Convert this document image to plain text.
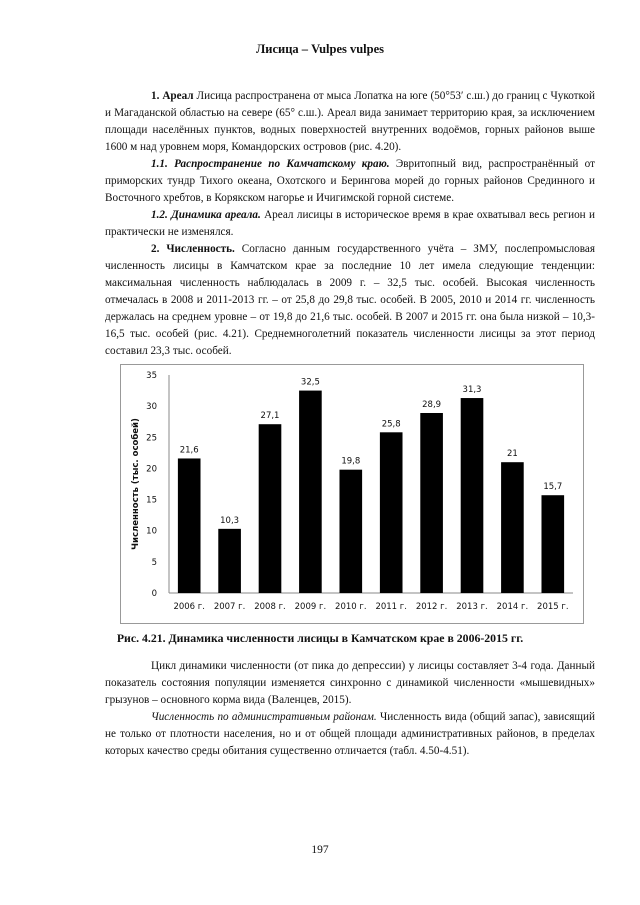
Лисица – Vulpes vulpes

1. Ареал Лисица распространена от мыса Лопатка на юге (50°53′ с.ш.) до границ с Чукоткой и Магаданской областью на севере (65° с.ш.). Ареал вида занимает территорию края, за исключением площади населённых пунктов, водных поверхностей внутренних водоёмов, горных районов выше 1600 м над уровнем моря, Командорских островов (рис. 4.20).

1.1. Распространение по Камчатскому краю. Эвритопный вид, распространённый от приморских тундр Тихого океана, Охотского и Берингова морей до горных районов Срединного и Восточного хребтов, в Корякском нагорье и Ичигимской горной системе.

1.2. Динамика ареала. Ареал лисицы в историческое время в крае охватывал весь регион и практически не изменялся.

2. Численность. Согласно данным государственного учёта – ЗМУ, послепромысловая численность лисицы в Камчатском крае за последние 10 лет имела следующие тенденции: максимальная численность наблюдалась в 2009 г. – 32,5 тыс. особей. Высокая численность отмечалась в 2008 и 2011-2013 гг. – от 25,8 до 29,8 тыс. особей. В 2005, 2010 и 2014 гг. численность держалась на среднем уровне – от 19,8 до 21,6 тыс. особей. В 2007 и 2015 гг. она была низкой – 10,3-16,5 тыс. особей (рис. 4.21). Среднемноголетний показатель численности лисицы за этот период составил 23,3 тыс. особей.

Численность (тыс. особей)
0
5
10
15
20
25
30
35
21,6
2006 г.
10,3
2007 г.
27,1
2008 г.
32,5
2009 г.
19,8
2010 г.
25,8
2011 г.
28,9
2012 г.
31,3
2013 г.
21
2014 г.
15,7
2015 г.
Рис. 4.21. Динамика численности лисицы в Камчатском крае в 2006-2015 гг.

Цикл динамики численности (от пика до депрессии) у лисицы составляет 3-4 года. Данный показатель состояния популяции изменяется синхронно с динамикой численности «мышевидных» грызунов – основного корма вида (Валенцев, 2015).

Численность по административным районам. Численность вида (общий запас), зависящий не только от плотности населения, но и от общей площади административных районов, в пределах которых качество среды обитания существенно отличается (табл. 4.50-4.51).

197
